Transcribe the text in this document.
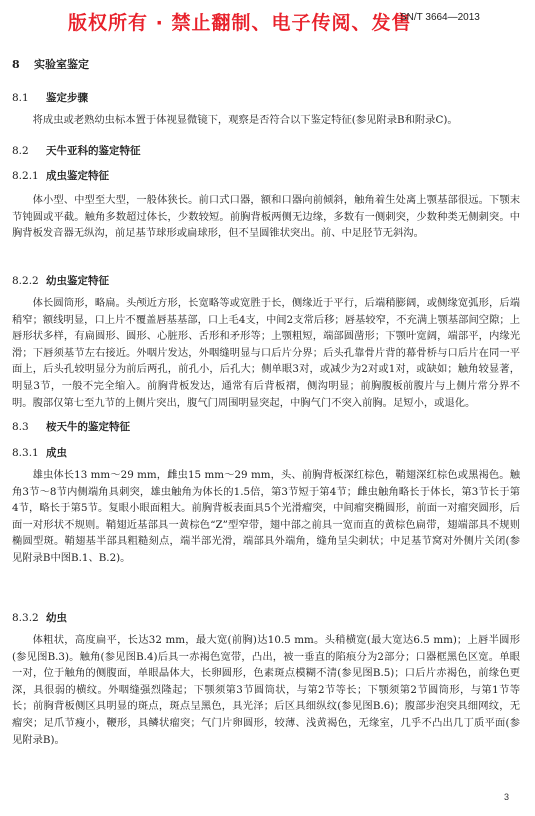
版权所有 · 禁止翻制、电子传阅、发售
SN/T 3664—2013
8 实验室鉴定
8.1 鉴定步骤

将成虫或老熟幼虫标本置于体视显微镜下，观察是否符合以下鉴定特征(参见附录B和附录C)。

8.2 天牛亚科的鉴定特征
8.2.1 成虫鉴定特征

体小型、中型至大型，一般体狭长。前口式口器，额和口器向前倾斜，触角着生处离上颚基部很远。下颚末节钝圆或平截。触角多数超过体长，少数较短。前胸背板两侧无边缘，多数有一侧刺突，少数种类无侧刺突。中胸背板发音器无纵沟，前足基节球形或扁球形，但不呈圆锥状突出。前、中足胫节无斜沟。

8.2.2 幼虫鉴定特征

体长圆筒形，略扁。头颅近方形，长宽略等或宽胜于长，侧缘近于平行，后端稍膨阔，或侧缘宽弧形，后端稍窄；额线明显，口上片不覆盖唇基基部，口上毛4支，中间2支常后移；唇基较窄，不充满上颚基部间空隙；上唇形状多样，有扁圆形、圆形、心脏形、舌形和矛形等；上颚粗短，端部圆凿形；下颚叶宽阔，端部平，内缘光滑；下唇须基节左右接近。外咽片发达，外咽缝明显与口后片分界；后头孔靠骨片背的幕骨桥与口后片在同一平面上，后头孔较明显分为前后两孔，前孔小，后孔大；侧单眼3对，或减少为2对或1对，或缺如；触角较显著，明显3节，一般不完全缩入。前胸背板发达，通常有后背板褶，侧沟明显；前胸腹板前腹片与上侧片常分界不明。腹部仅第七至九节的上侧片突出，腹气门周围明显突起，中胸气门不突入前胸。足短小，或退化。

8.3 桉天牛的鉴定特征
8.3.1 成虫

雄虫体长13 mm～29 mm，雌虫15 mm～29 mm，头、前胸背板深红棕色，鞘翅深红棕色或黑褐色。触角3节～8节内侧端角具刺突，雄虫触角为体长的1.5倍，第3节短于第4节；雌虫触角略长于体长，第3节长于第4节，略长于第5节。复眼小眼面粗大。前胸背板表面具5个光滑瘤突，中间瘤突椭圆形，前面一对瘤突圆形，后面一对形状不规则。鞘翅近基部具一黄棕色“Z”型窄带，翅中部之前具一宽而直的黄棕色扁带，翅端部具不规则椭圆型斑。鞘翅基半部具粗糙刻点，端半部光滑，端部具外端角，缝角呈尖刺状；中足基节窝对外侧片关闭(参见附录B中图B.1、B.2)。

8.3.2 幼虫

体粗状，高度扁平，长达32 mm，最大宽(前胸)达10.5 mm。头稍横宽(最大宽达6.5 mm)；上唇半圆形(参见图B.3)。触角(参见图B.4)后具一赤褐色宽带，凸出，被一垂直的陷痕分为2部分；口器框黑色区宽。单眼一对，位于触角的侧腹面，单眼晶体大，长卵圆形，色素斑点模糊不清(参见图B.5)；口后片赤褐色，前缘色更深，具很弱的横纹。外咽缝强烈隆起；下颚须第3节圆筒状，与第2节等长；下颚须第2节圆筒形，与第1节等长；前胸背板侧区具明显的斑点，斑点呈黑色，具光泽；后区具细纵纹(参见图B.6)；腹部步泡突具细网纹，无瘤突；足爪节瘦小，鞭形，具鳞状瘤突；气门片卵圆形，较薄、浅黄褐色，无缘室，几乎不凸出几丁质平面(参见附录B)。

3
